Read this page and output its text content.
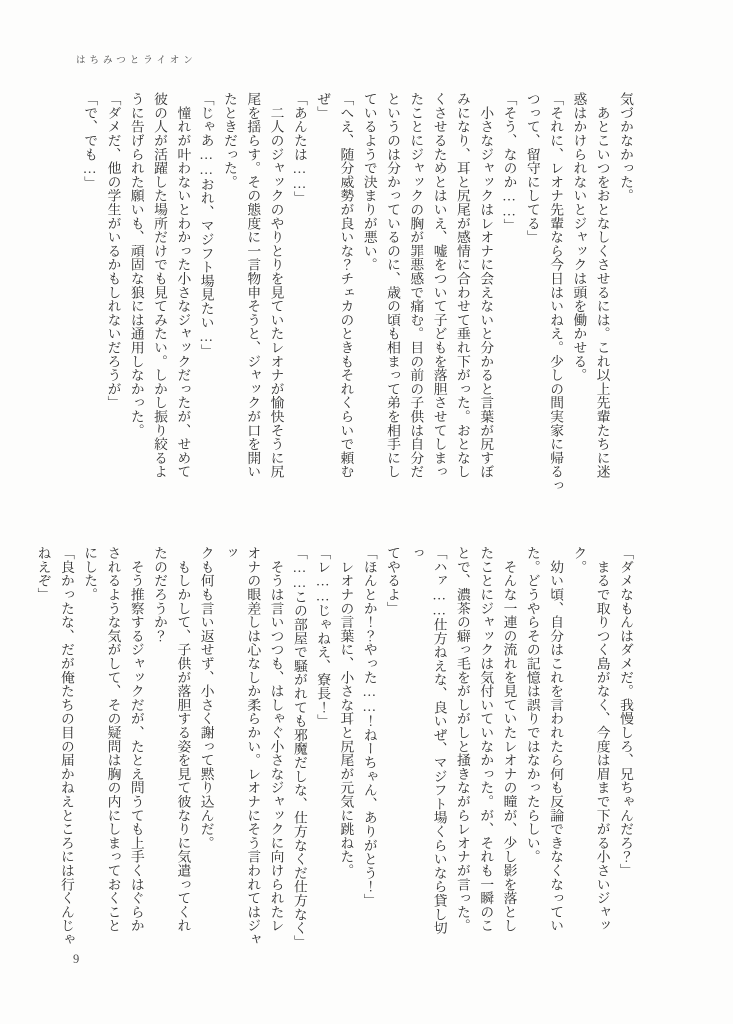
はちみつとライオン

気づかなかった。

　あとこいつをおとなしくさせるには。これ以上先輩たちに迷

惑はかけられないとジャックは頭を働かせる。

「それに、レオナ先輩なら今日はいねえ。少しの間実家に帰るっ

つって、留守にしてる」

「そう、なのか……」

　小さなジャックはレオナに会えないと分かると言葉が尻すぼ

みになり、耳と尻尾が感情に合わせて垂れ下がった。おとなし

くさせるためとはいえ、嘘をついて子どもを落胆させてしまっ

たことにジャックの胸が罪悪感で痛む。目の前の子供は自分だ

というのは分かっているのに、歳の頃も相まって弟を相手にし

ているようで決まりが悪い。

「へえ、随分威勢が良いな？チェカのときもそれくらいで頼む

ぜ」

「あんたは……」

　二人のジャックのやりとりを見ていたレオナが愉快そうに尻

尾を揺らす。その態度に一言物申そうと、ジャックが口を開い

たときだった。

「じゃあ……おれ、マジフト場見たい…」

　憧れが叶わないとわかった小さなジャックだったが、せめて

彼の人が活躍した場所だけでも見てみたい。しかし振り絞るよ

うに告げられた願いも、頑固な狼には通用しなかった。

「ダメだ、他の学生がいるかもしれないだろうが」

「で、でも…」

「ダメなもんはダメだ。我慢しろ、兄ちゃんだろ？」

　まるで取りつく島がなく、今度は眉まで下がる小さいジャッ

ク。

　幼い頃、自分はこれを言われたら何も反論できなくなってい

た。どうやらその記憶は誤りではなかったらしい。

　そんな一連の流れを見ていたレオナの瞳が、少し影を落とし

たことにジャックは気付いていなかった。が、それも一瞬のこ

とで、濃茶の癖っ毛をがしがしと掻きながらレオナが言った。

「ハァ……仕方ねえな、良いぜ、マジフト場くらいなら貸し切っ

てやるよ」

「ほんとか！？やった……！ねーちゃん、ありがとう！」

　レオナの言葉に、小さな耳と尻尾が元気に跳ねた。

「レ……じゃねえ、寮長！」

「……この部屋で騒がれても邪魔だしな、仕方なくだ仕方なく」

　そうは言いつつも、はしゃぐ小さなジャックに向けられたレ

オナの眼差しは心なしか柔らかい。レオナにそう言われてはジャッ

クも何も言い返せず、小さく謝って黙り込んだ。

　もしかして、子供が落胆する姿を見て彼なりに気遣ってくれ

たのだろうか？

　そう推察するジャックだが、たとえ問うても上手くはぐらか

されるような気がして、その疑問は胸の内にしまっておくこと

にした。

「良かったな、だが俺たちの目の届かねえところには行くんじゃ

ねえぞ」

9
